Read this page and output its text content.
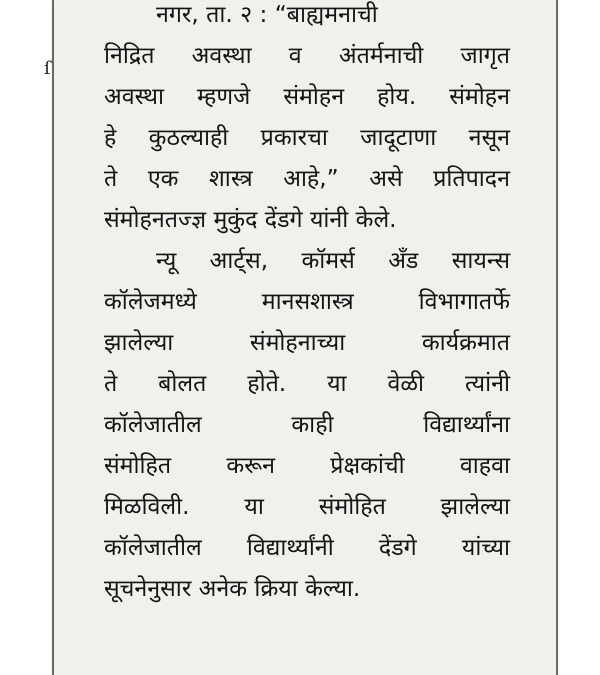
ſ
नगर, ता. २ : “बाह्यमनाची
निद्रित अवस्था व अंतर्मनाची जागृत
अवस्था म्हणजे संमोहन होय. संमोहन
हे कुठल्याही प्रकारचा जादूटाणा नसून
ते एक शास्त्र आहे,” असे प्रतिपादन
संमोहनतज्ज्ञ मुकुंद देंडगे यांनी केले.
न्यू आर्ट्स, कॉमर्स अँड सायन्स
कॉलेजमध्ये मानसशास्त्र विभागातर्फे
झालेल्या संमोहनाच्या कार्यक्रमात
ते बोलत होते. या वेळी त्यांनी
कॉलेजातील काही विद्यार्थ्यांना
संमोहित करून प्रेक्षकांची वाहवा
मिळविली. या संमोहित झालेल्या
कॉलेजातील विद्यार्थ्यांनी देंडगे यांच्या
सूचनेनुसार अनेक क्रिया केल्या.
